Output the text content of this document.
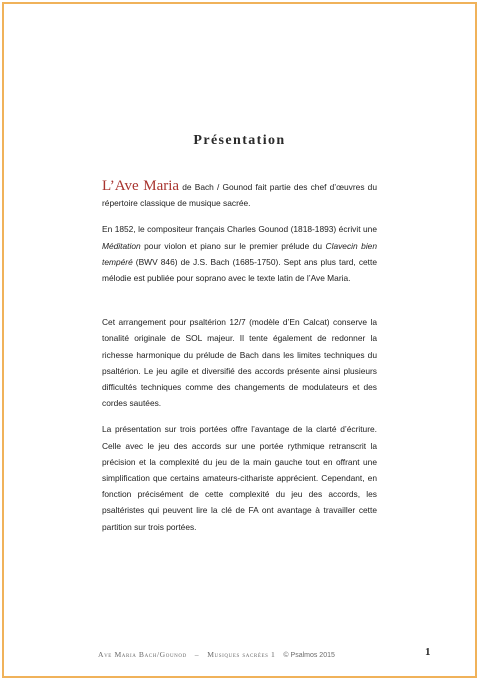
Présentation

L’Ave Maria de Bach / Gounod fait partie des chef d’œuvres du répertoire classique de musique sacrée.

En 1852, le compositeur français Charles Gounod (1818-1893) écrivit une Méditation pour violon et piano sur le premier prélude du Clavecin bien tempéré (BWV 846) de J.S. Bach (1685-1750). Sept ans plus tard, cette mélodie est publiée pour soprano avec le texte latin de l’Ave Maria.

Cet arrangement pour psaltérion 12/7 (modèle d’En Calcat) conserve la tonalité originale de SOL majeur. Il tente également de redonner la richesse harmonique du prélude de Bach dans les limites techniques du psaltérion. Le jeu agile et diversifié des accords présente ainsi plusieurs difficultés techniques comme des changements de modulateurs et des cordes sautées.

La présentation sur trois portées offre l’avantage de la clarté d’écriture. Celle avec le jeu des accords sur une portée rythmique retranscrit la précision et la complexité du jeu de la main gauche tout en offrant une simplification que certains amateurs-cithariste apprécient. Cependant, en fonction précisément de cette complexité du jeu des accords, les psaltéristes qui peuvent lire la clé de FA ont avantage à travailler cette partition sur trois portées.

Ave Maria Bach/Gounod – Musiques sacrées 1 © Psalmos 2015	1
